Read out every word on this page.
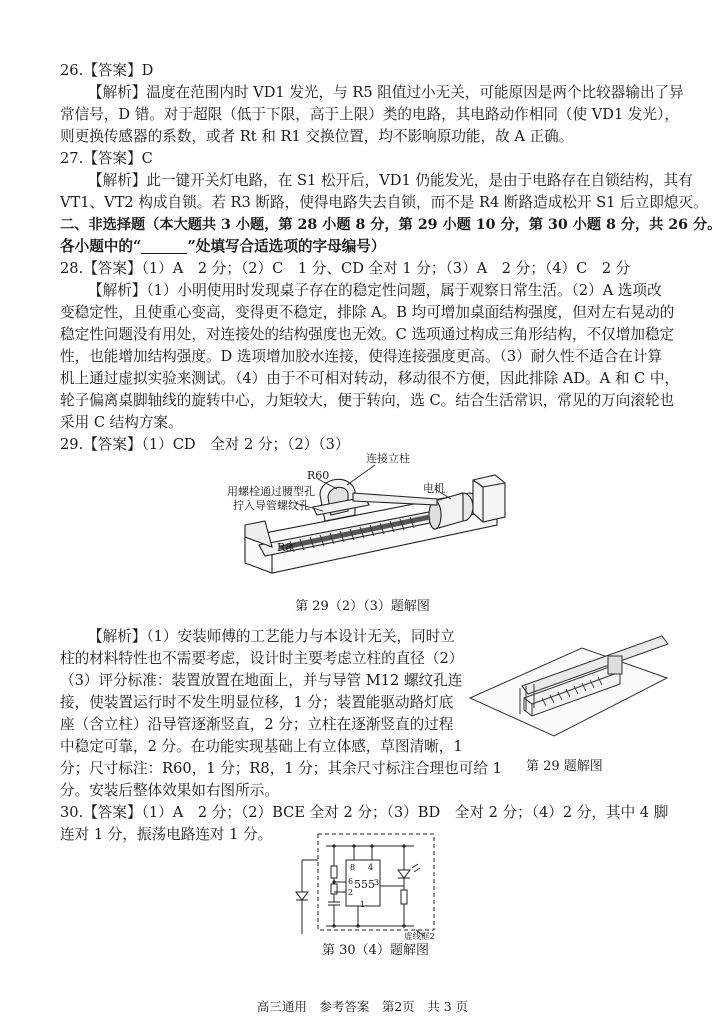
26.【答案】D
【解析】温度在范围内时 VD1 发光，与 R5 阻值过小无关，可能原因是两个比较器输出了异
常信号，D 错。对于超限（低于下限，高于上限）类的电路，其电路动作相同（使 VD1 发光），
则更换传感器的系数，或者 Rt 和 R1 交换位置，均不影响原功能，故 A 正确。
27.【答案】C
【解析】此一键开关灯电路，在 S1 松开后，VD1 仍能发光，是由于电路存在自锁结构，其有
VT1、VT2 构成自锁。若 R3 断路，使得电路失去自锁，而不是 R4 断路造成松开 S1 后立即熄灭。
二、非选择题（本大题共 3 小题，第 28 小题 8 分，第 29 小题 10 分，第 30 小题 8 分，共 26 分。
各小题中的“	”处填写合适选项的字母编号）
28.【答案】（1）A　2 分；（2）C　1 分、CD 全对 1 分；（3）A　2 分；（4）C　2 分
【解析】（1）小明使用时发现桌子存在的稳定性问题，属于观察日常生活。（2）A 选项改
变稳定性，且使重心变高，变得更不稳定，排除 A。B 均可增加桌面结构强度，但对左右晃动的
稳定性问题没有用处，对连接处的结构强度也无效。C 选项通过构成三角形结构，不仅增加稳定
性，也能增加结构强度。D 选项增加胶水连接，使得连接强度更高。（3）耐久性不适合在计算
机上通过虚拟实验来测试。（4）由于不可相对转动，移动很不方便，因此排除 AD。A 和 C 中，
轮子偏离桌脚轴线的旋转中心，力矩较大，便于转向，选 C。结合生活常识，常见的万向滚轮也
采用 C 结构方案。
29.【答案】（1）CD　全对 2 分；（2）（3）
连接立柱
R60
电机
用螺栓通过腰型孔
拧入导管螺纹孔
R8
第 29（2）（3）题解图
【解析】（1）安装师傅的工艺能力与本设计无关，同时立
柱的材料特性也不需要考虑，设计时主要考虑立柱的直径（2）
（3）评分标准：装置放置在地面上，并与导管 M12 螺纹孔连
接，使装置运行时不发生明显位移，1 分；装置能驱动路灯底
座（含立柱）沿导管逐渐竖直，2 分；立柱在逐渐竖直的过程
中稳定可靠，2 分。在功能实现基础上有立体感，草图清晰，1
分；尺寸标注：R60，1 分；R8，1 分；其余尺寸标注合理也可给 1
分。安装后整体效果如右图所示。
第 29 题解图
30.【答案】（1）A　2 分；（2）BCE 全对 2 分；（3）BD　全对 2 分；（4）2 分，其中 4 脚
连对 1 分，振荡电路连对 1 分。
555
8 4
6
2
3
1
虚线框2
第 30（4）题解图
高三通用　参考答案　第2页　共 3 页
